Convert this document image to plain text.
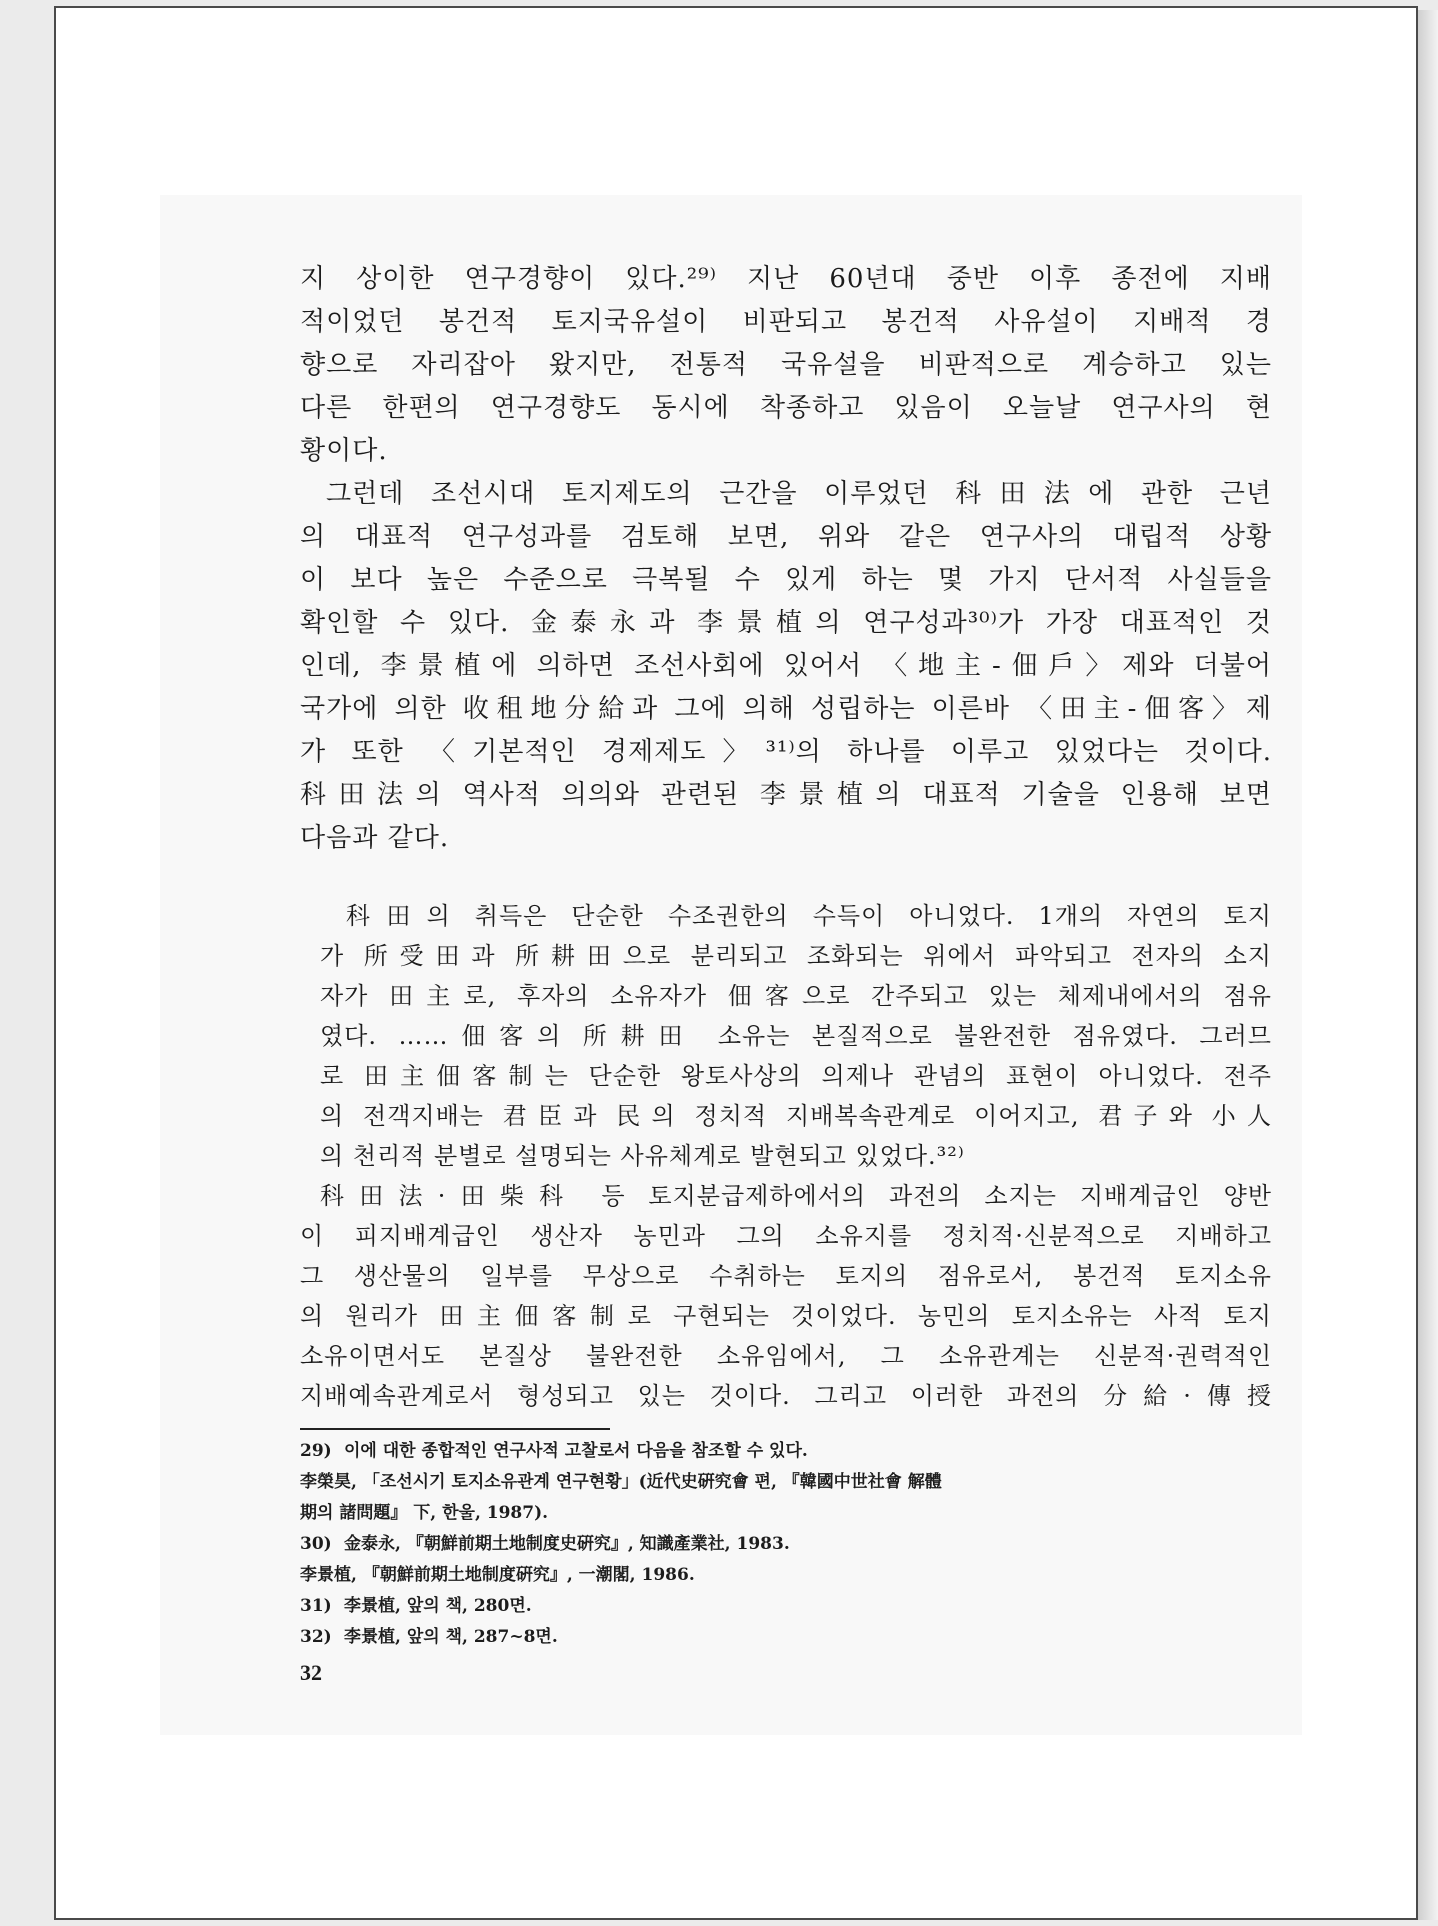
지 상이한 연구경향이 있다.²⁹⁾ 지난 60년대 중반 이후 종전에 지배
적이었던 봉건적 토지국유설이 비판되고 봉건적 사유설이 지배적 경
향으로 자리잡아 왔지만, 전통적 국유설을 비판적으로 계승하고 있는
다른 한편의 연구경향도 동시에 착종하고 있음이 오늘날 연구사의 현
황이다.
그런데 조선시대 토지제도의 근간을 이루었던 科田法에 관한 근년
의 대표적 연구성과를 검토해 보면, 위와 같은 연구사의 대립적 상황
이 보다 높은 수준으로 극복될 수 있게 하는 몇 가지 단서적 사실들을
확인할 수 있다. 金泰永과 李景植의 연구성과³⁰⁾가 가장 대표적인 것
인데, 李景植에 의하면 조선사회에 있어서 〈地主-佃戶〉제와 더불어
국가에 의한 收租地分給과 그에 의해 성립하는 이른바 〈田主-佃客〉제
가 또한 〈기본적인 경제제도〉³¹⁾의 하나를 이루고 있었다는 것이다.
科田法의 역사적 의의와 관련된 李景植의 대표적 기술을 인용해 보면
다음과 같다.
科田의 취득은 단순한 수조권한의 수득이 아니었다. 1개의 자연의 토지
가 所受田과 所耕田으로 분리되고 조화되는 위에서 파악되고 전자의 소지
자가 田主로, 후자의 소유자가 佃客으로 간주되고 있는 체제내에서의 점유
였다. ……佃客의 所耕田 소유는 본질적으로 불완전한 점유였다. 그러므
로 田主佃客制는 단순한 왕토사상의 의제나 관념의 표현이 아니었다. 전주
의 전객지배는 君臣과 民의 정치적 지배복속관계로 이어지고, 君子와 小人
의 천리적 분별로 설명되는 사유체계로 발현되고 있었다.³²⁾
科田法·田柴科 등 토지분급제하에서의 과전의 소지는 지배계급인 양반
이 피지배계급인 생산자 농민과 그의 소유지를 정치적·신분적으로 지배하고
그 생산물의 일부를 무상으로 수취하는 토지의 점유로서, 봉건적 토지소유
의 원리가 田主佃客制로 구현되는 것이었다. 농민의 토지소유는 사적 토지
소유이면서도 본질상 불완전한 소유임에서, 그 소유관계는 신분적·권력적인
지배예속관계로서 형성되고 있는 것이다. 그리고 이러한 과전의 分給·傳授
29) 이에 대한 종합적인 연구사적 고찰로서 다음을 참조할 수 있다.
李榮昊, 「조선시기 토지소유관계 연구현황」(近代史硏究會 편, 『韓國中世社會 解體
期의 諸問題』 下, 한울, 1987).
30) 金泰永, 『朝鮮前期土地制度史硏究』, 知識產業社, 1983.
李景植, 『朝鮮前期土地制度硏究』, 一潮閣, 1986.
31) 李景植, 앞의 책, 280면.
32) 李景植, 앞의 책, 287~8면.
32
